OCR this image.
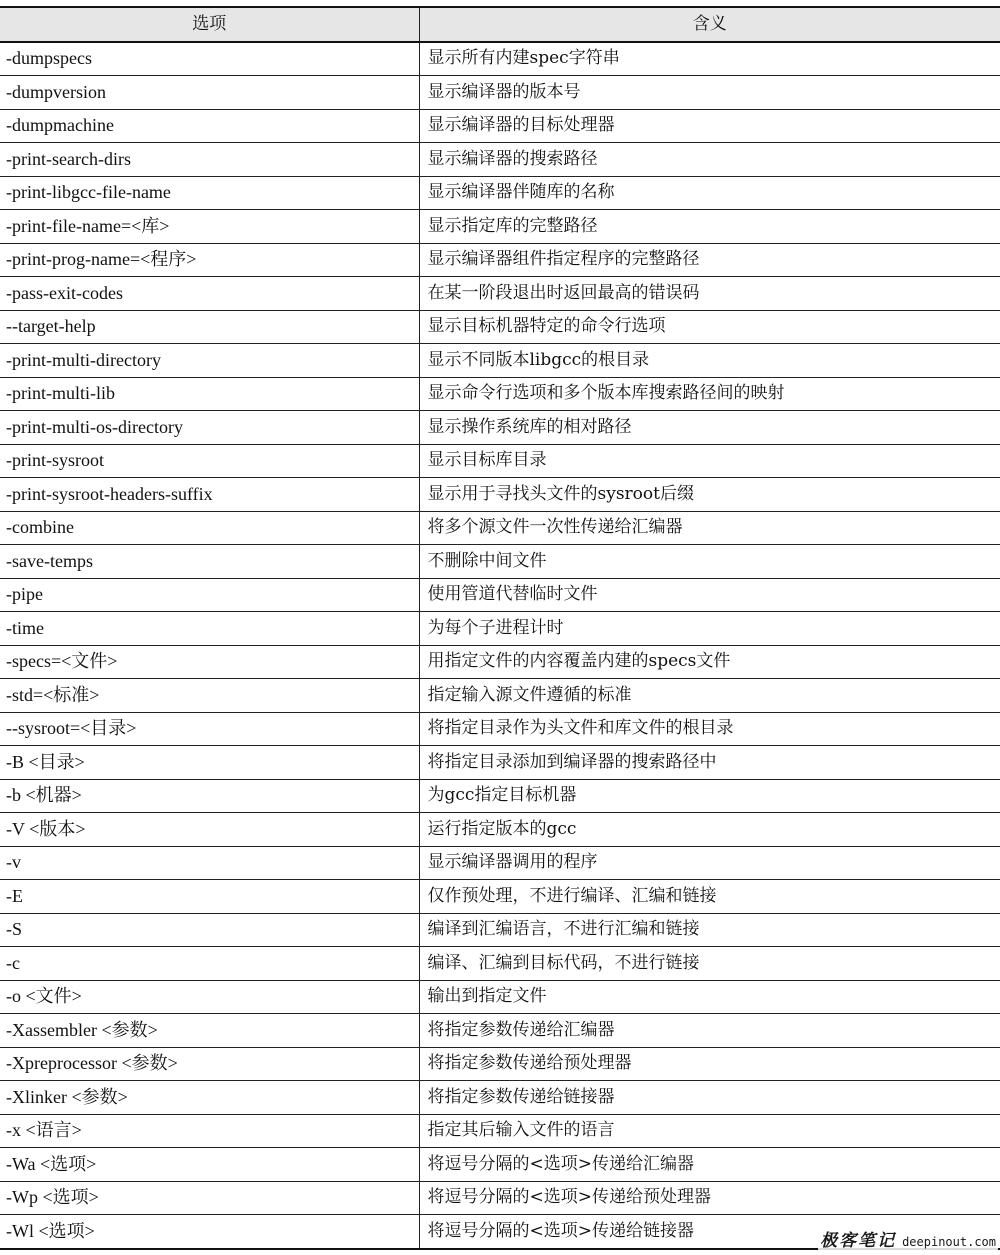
选项	含义
-dumpspecs	显示所有内建spec字符串
-dumpversion	显示编译器的版本号
-dumpmachine	显示编译器的目标处理器
-print-search-dirs	显示编译器的搜索路径
-print-libgcc-file-name	显示编译器伴随库的名称
-print-file-name=<库>	显示指定库的完整路径
-print-prog-name=<程序>	显示编译器组件指定程序的完整路径
-pass-exit-codes	在某一阶段退出时返回最高的错误码
--target-help	显示目标机器特定的命令行选项
-print-multi-directory	显示不同版本libgcc的根目录
-print-multi-lib	显示命令行选项和多个版本库搜索路径间的映射
-print-multi-os-directory	显示操作系统库的相对路径
-print-sysroot	显示目标库目录
-print-sysroot-headers-suffix	显示用于寻找头文件的sysroot后缀
-combine	将多个源文件一次性传递给汇编器
-save-temps	不删除中间文件
-pipe	使用管道代替临时文件
-time	为每个子进程计时
-specs=<文件>	用指定文件的内容覆盖内建的specs文件
-std=<标准>	指定输入源文件遵循的标准
--sysroot=<目录>	将指定目录作为头文件和库文件的根目录
-B <目录>	将指定目录添加到编译器的搜索路径中
-b <机器>	为gcc指定目标机器
-V <版本>	运行指定版本的gcc
-v	显示编译器调用的程序
-E	仅作预处理，不进行编译、汇编和链接
-S	编译到汇编语言，不进行汇编和链接
-c	编译、汇编到目标代码，不进行链接
-o <文件>	输出到指定文件
-Xassembler <参数>	将指定参数传递给汇编器
-Xpreprocessor <参数>	将指定参数传递给预处理器
-Xlinker <参数>	将指定参数传递给链接器
-x <语言>	指定其后输入文件的语言
-Wa <选项>	将逗号分隔的<选项>传递给汇编器
-Wp <选项>	将逗号分隔的<选项>传递给预处理器
-Wl <选项>	将逗号分隔的<选项>传递给链接器
极客笔记 deepinout.com
